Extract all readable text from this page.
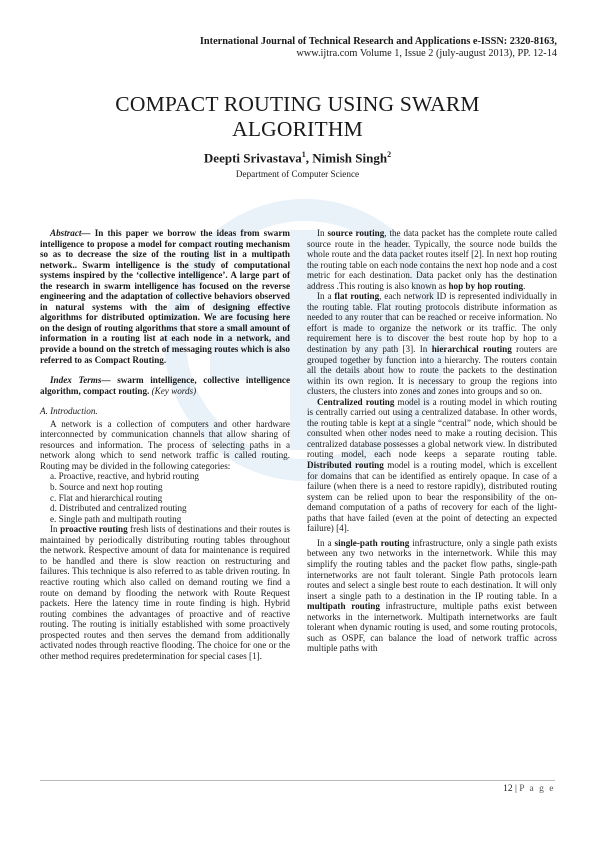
International Journal of Technical Research and Applications e-ISSN: 2320-8163,
www.ijtra.com Volume 1, Issue 2 (july-august 2013), PP. 12-14
COMPACT ROUTING USING SWARM
ALGORITHM
Deepti Srivastava$^1$, Nimish Singh$^2$
Department of Computer Science

Abstract— In this paper we borrow the ideas from swarm intelligence to propose a model for compact routing mechanism so as to decrease the size of the routing list in a multipath network.. Swarm intelligence is the study of computational systems inspired by the ‘collective intelligence’. A large part of the research in swarm intelligence has focused on the reverse engineering and the adaptation of collective behaviors observed in natural systems with the aim of designing effective algorithms for distributed optimization. We are focusing here on the design of routing algorithms that store a small amount of information in a routing list at each node in a network, and provide a bound on the stretch of messaging routes which is also referred to as Compact Routing.

Index Terms— swarm intelligence, collective intelligence algorithm, compact routing. (Key words)

A. Introduction.

A network is a collection of computers and other hardware interconnected by communication channels that allow sharing of resources and information. The process of selecting paths in a network along which to send network traffic is called routing. Routing may be divided in the following categories:

a. Proactive, reactive, and hybrid routing
b. Source and next hop routing
c. Flat and hierarchical routing
d. Distributed and centralized routing
e. Single path and multipath routing

In proactive routing fresh lists of destinations and their routes is maintained by periodically distributing routing tables throughout the network. Respective amount of data for maintenance is required to be handled and there is slow reaction on restructuring and failures. This technique is also referred to as table driven routing. In reactive routing which also called on demand routing we find a route on demand by flooding the network with Route Request packets. Here the latency time in route finding is high. Hybrid routing combines the advantages of proactive and of reactive routing. The routing is initially established with some proactively prospected routes and then serves the demand from additionally activated nodes through reactive flooding. The choice for one or the other method requires predetermination for special cases [1].

In source routing, the data packet has the complete route called source route in the header. Typically, the source node builds the whole route and the data packet routes itself [2]. In next hop routing the routing table on each node contains the next hop node and a cost metric for each destination. Data packet only has the destination address .This routing is also known as hop by hop routing.

In a flat routing, each network ID is represented individually in the routing table. Flat routing protocols distribute information as needed to any router that can be reached or receive information. No effort is made to organize the network or its traffic. The only requirement here is to discover the best route hop by hop to a destination by any path [3]. In hierarchical routing routers are grouped together by function into a hierarchy. The routers contain all the details about how to route the packets to the destination within its own region. It is necessary to group the regions into clusters, the clusters into zones and zones into groups and so on.

Centralized routing model is a routing model in which routing is centrally carried out using a centralized database. In other words, the routing table is kept at a single “central” node, which should be consulted when other nodes need to make a routing decision. This centralized database possesses a global network view. In distributed routing model, each node keeps a separate routing table. Distributed routing model is a routing model, which is excellent for domains that can be identified as entirely opaque. In case of a failure (when there is a need to restore rapidly), distributed routing system can be relied upon to bear the responsibility of the on-demand computation of a paths of recovery for each of the light-paths that have failed (even at the point of detecting an expected failure) [4].

In a single-path routing infrastructure, only a single path exists between any two networks in the internetwork. While this may simplify the routing tables and the packet flow paths, single-path internetworks are not fault tolerant. Single Path protocols learn routes and select a single best route to each destination. It will only insert a single path to a destination in the IP routing table. In a multipath routing infrastructure, multiple paths exist between networks in the internetwork. Multipath internetworks are fault tolerant when dynamic routing is used, and some routing protocols, such as OSPF, can balance the load of network traffic across multiple paths with

12 | P a g e
